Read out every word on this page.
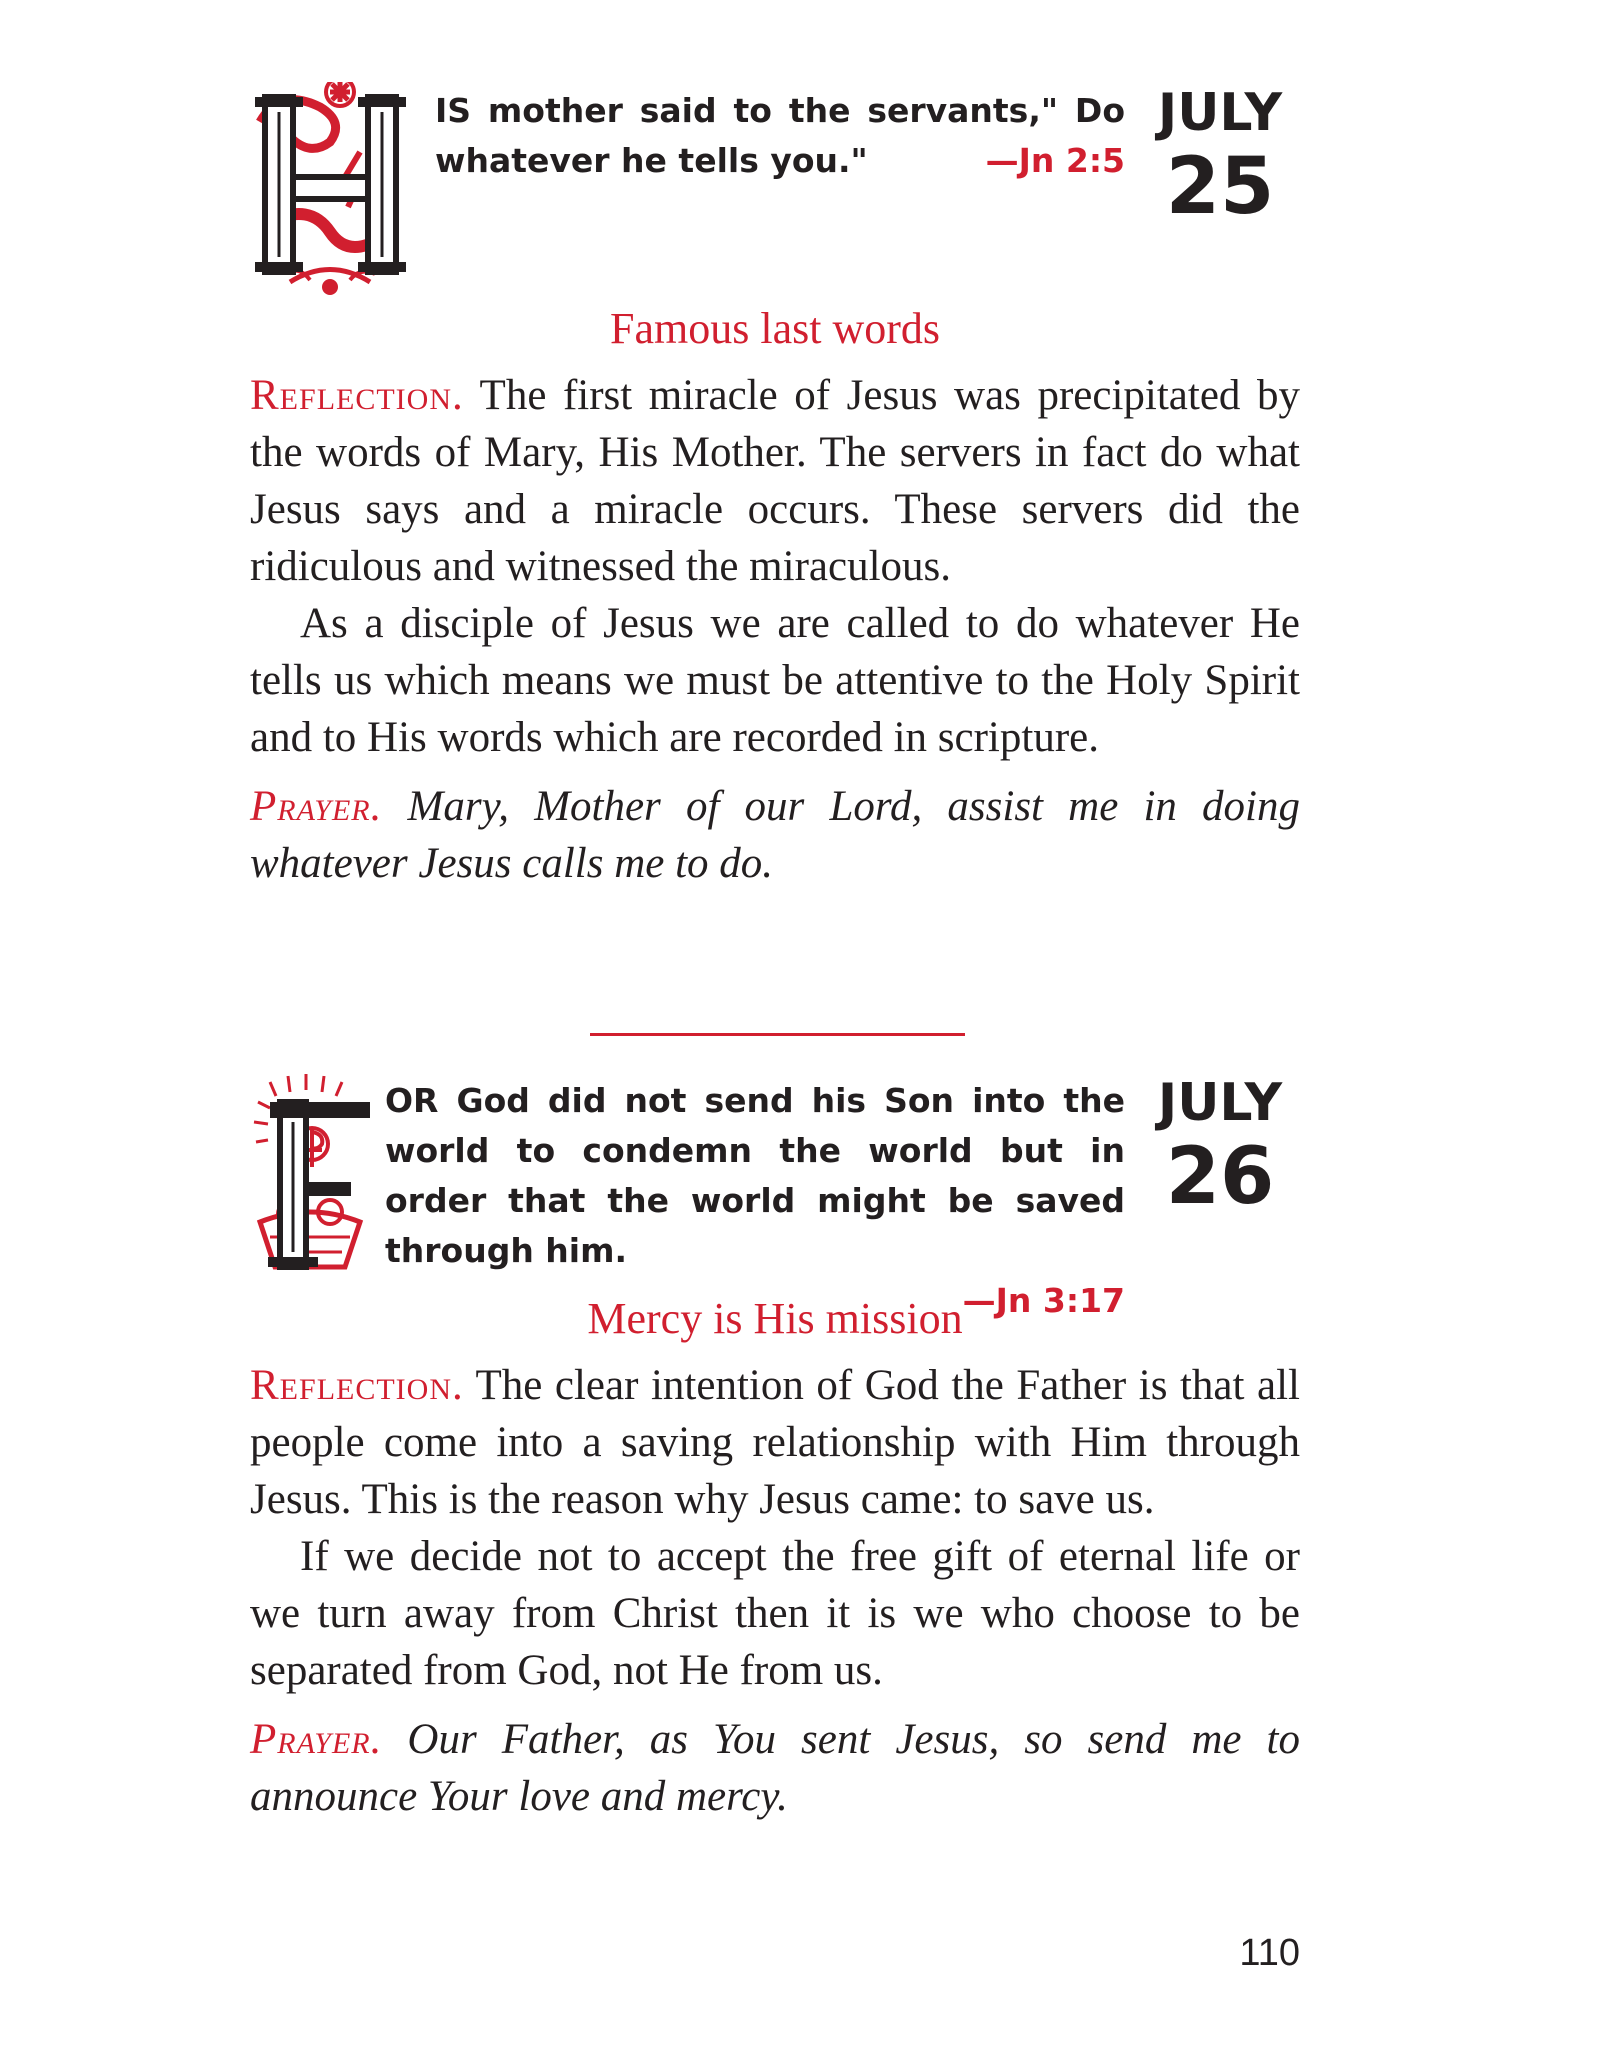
IS mother said to the servants," Do whatever he tells you."	—Jn 2:5
JULY
25
Famous last words

Reflection. The first miracle of Jesus was precipitated by the words of Mary, His Mother. The servers in fact do what Jesus says and a miracle occurs. These servers did the ridiculous and witnessed the miraculous.

As a disciple of Jesus we are called to do whatever He tells us which means we must be attentive to the Holy Spirit and to His words which are recorded in scripture.

Prayer. Mary, Mother of our Lord, assist me in doing whatever Jesus calls me to do.

OR God did not send his Son into the world to condemn the world but in order that the world might be saved through him.
—Jn 3:17
JULY
26
Mercy is His mission

Reflection. The clear intention of God the Father is that all people come into a saving relationship with Him through Jesus. This is the reason why Jesus came: to save us.

If we decide not to accept the free gift of eternal life or we turn away from Christ then it is we who choose to be separated from God, not He from us.

Prayer. Our Father, as You sent Jesus, so send me to announce Your love and mercy.

110
